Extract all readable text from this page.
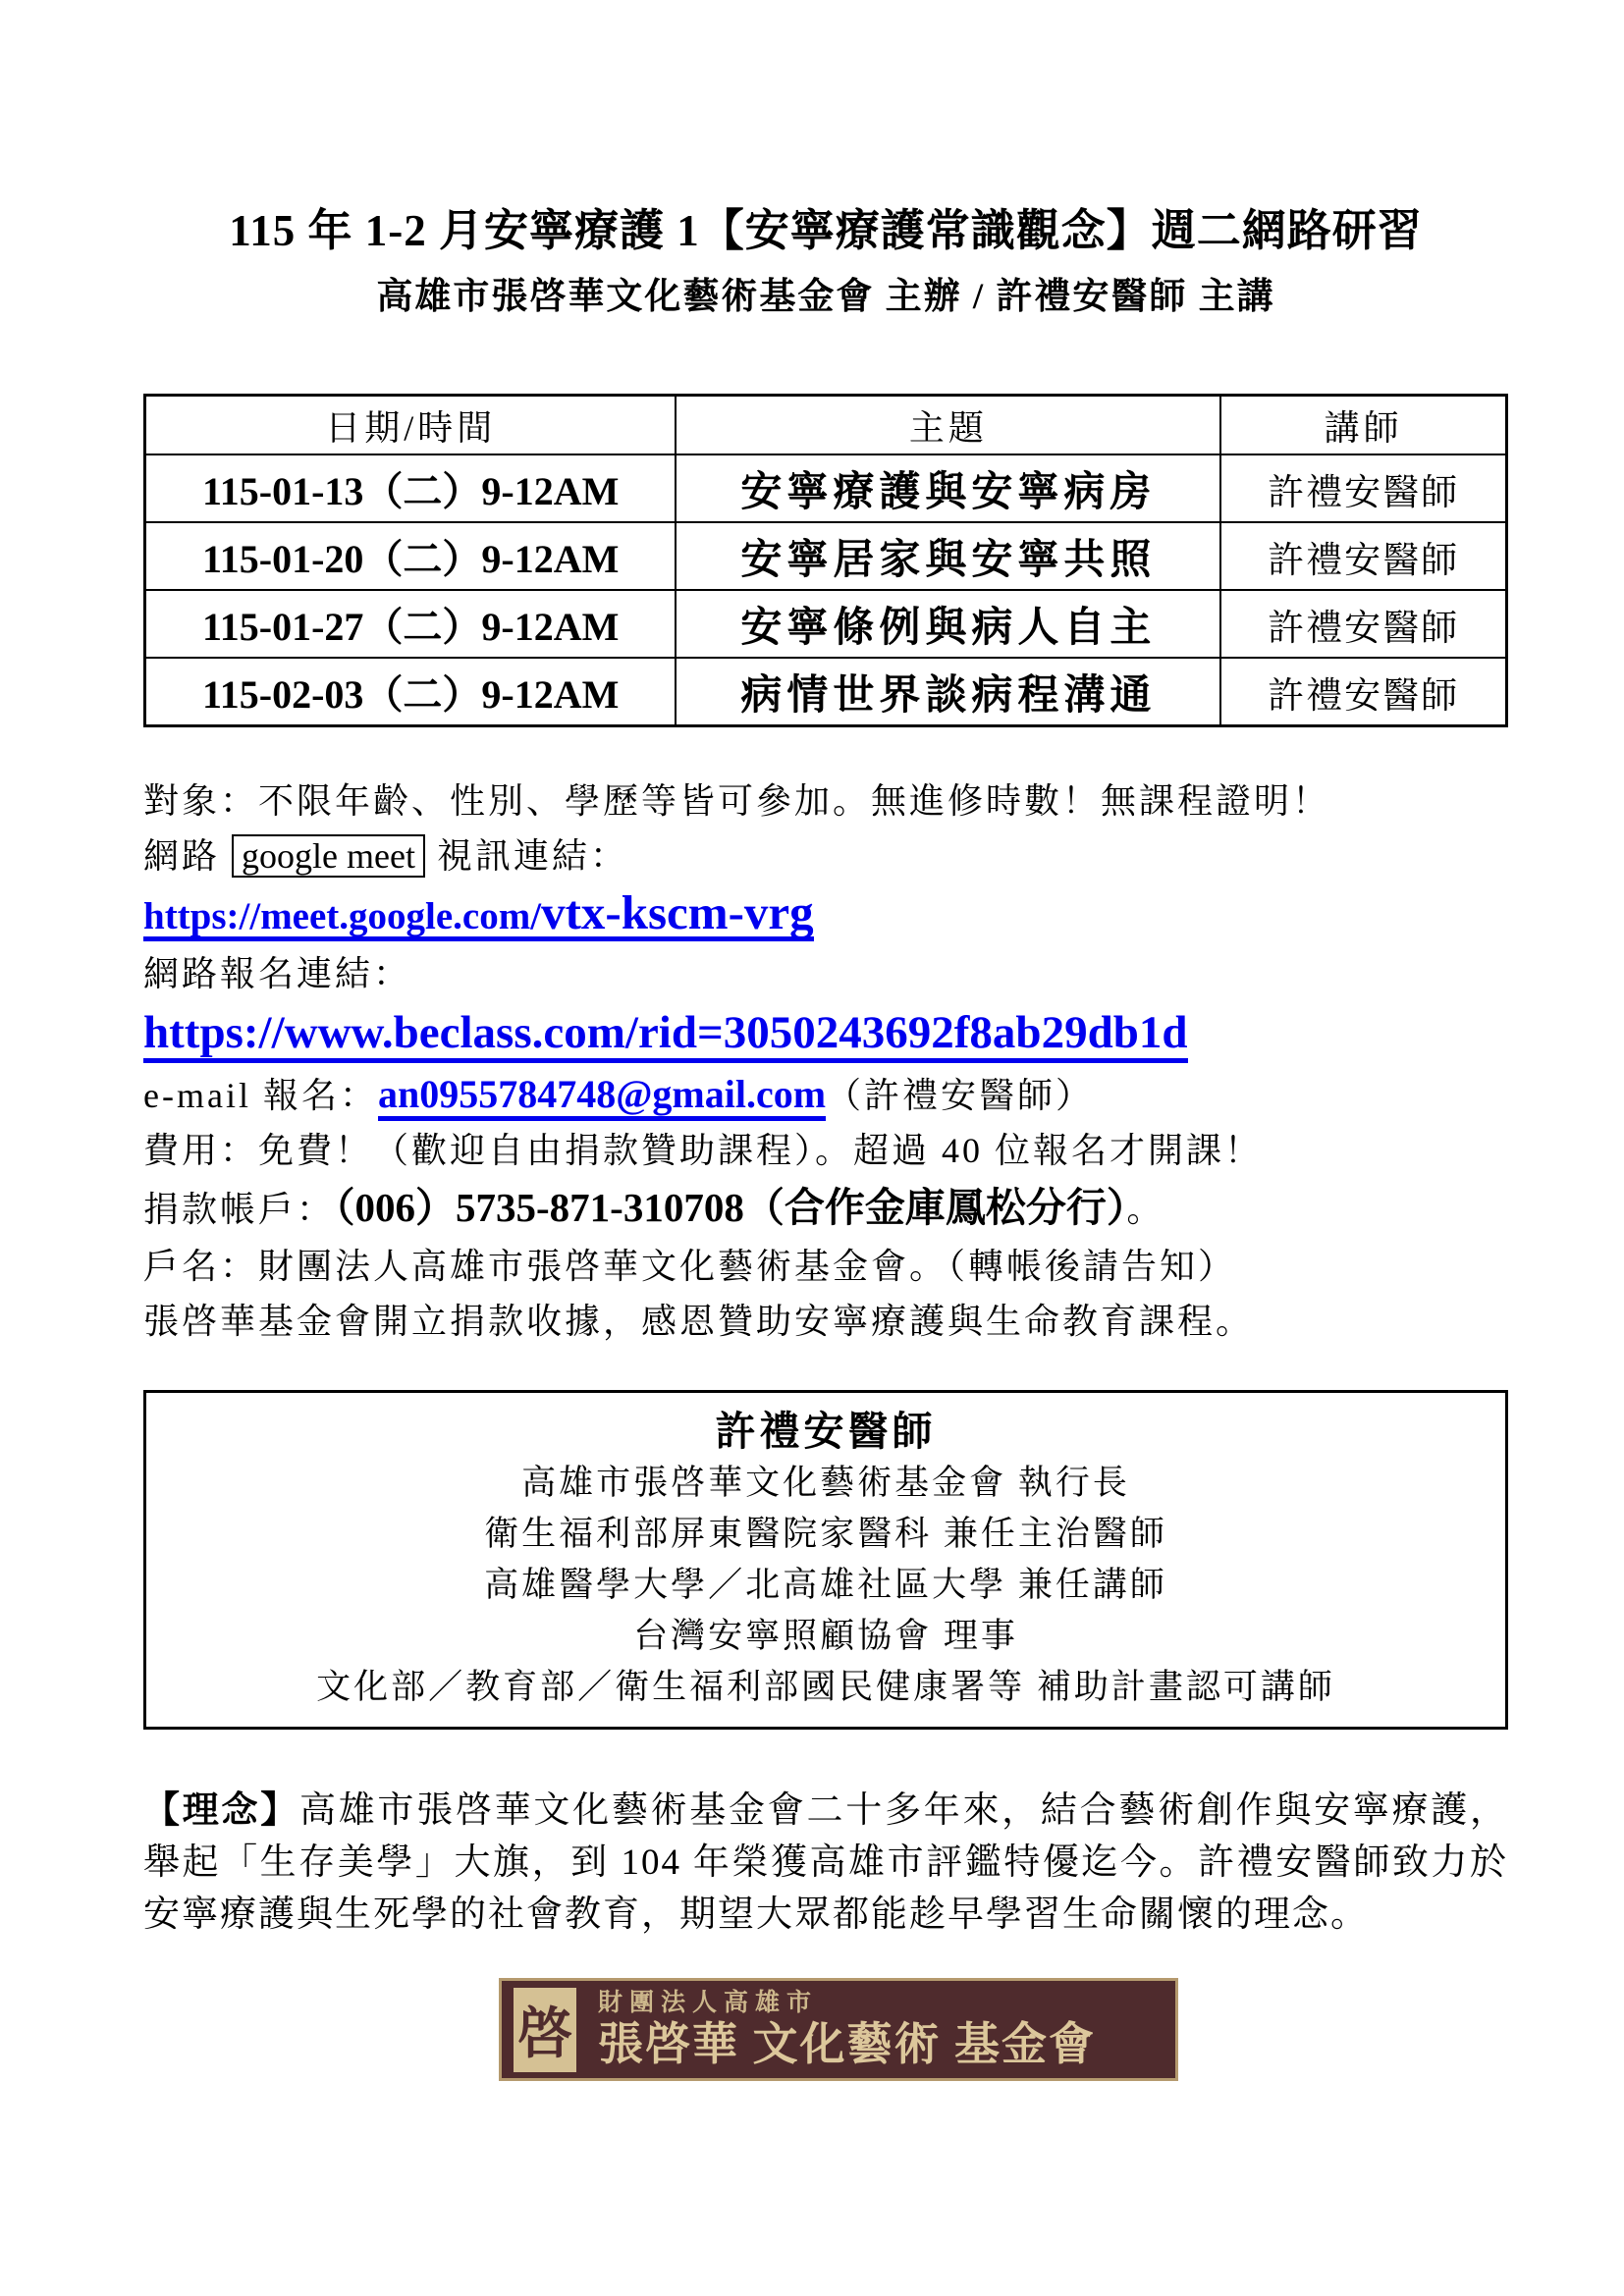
115 年 1-2 月安寧療護 1【安寧療護常識觀念】週二網路研習
高雄市張啓華文化藝術基金會 主辦 / 許禮安醫師 主講
日期/時間	主題	講師
115-01-13（二）9-12AM	安寧療護與安寧病房	許禮安醫師
115-01-20（二）9-12AM	安寧居家與安寧共照	許禮安醫師
115-01-27（二）9-12AM	安寧條例與病人自主	許禮安醫師
115-02-03（二）9-12AM	病情世界談病程溝通	許禮安醫師
對象：不限年齡、性別、學歷等皆可參加。無進修時數！無課程證明！
網路 google meet 視訊連結：
https://meet.google.com/vtx-kscm-vrg
網路報名連結：
https://www.beclass.com/rid=3050243692f8ab29db1d
e-mail 報名：an0955784748@gmail.com（許禮安醫師）
費用：免費！（歡迎自由捐款贊助課程）。超過 40 位報名才開課！
捐款帳戶：（006）5735-871-310708（合作金庫鳳松分行）。
戶名：財團法人高雄市張啓華文化藝術基金會。（轉帳後請告知）
張啓華基金會開立捐款收據，感恩贊助安寧療護與生命教育課程。
許禮安醫師
高雄市張啓華文化藝術基金會 執行長
衛生福利部屏東醫院家醫科 兼任主治醫師
高雄醫學大學／北高雄社區大學 兼任講師
台灣安寧照顧協會 理事
文化部／教育部／衛生福利部國民健康署等 補助計畫認可講師
【理念】高雄市張啓華文化藝術基金會二十多年來，結合藝術創作與安寧療護，舉起「生存美學」大旗，到 104 年榮獲高雄市評鑑特優迄今。許禮安醫師致力於安寧療護與生死學的社會教育，期望大眾都能趁早學習生命關懷的理念。
啓
財團法人高雄市
張啓華 文化藝術 基金會
